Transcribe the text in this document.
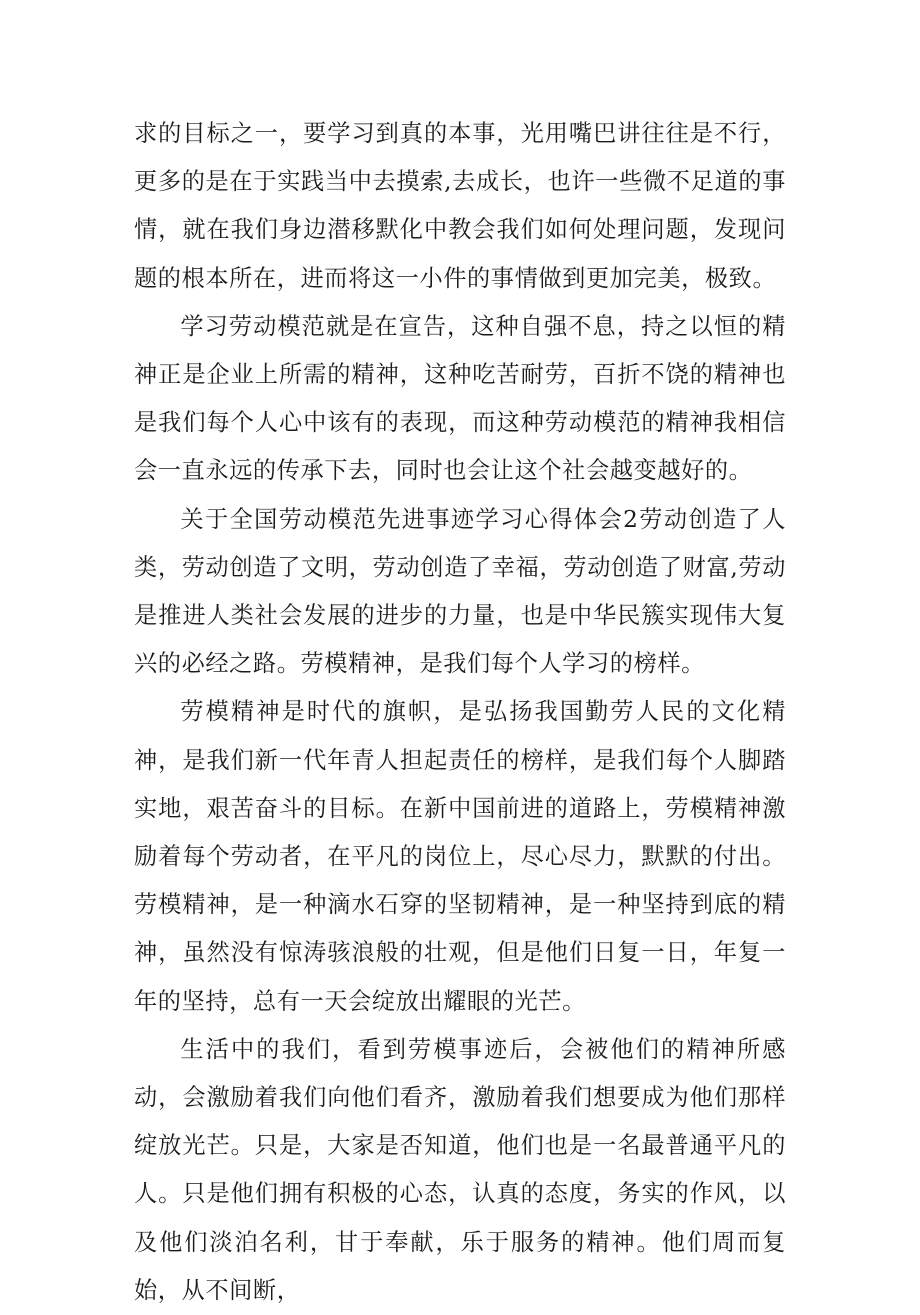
求的目标之一，要学习到真的本事，光用嘴巴讲往往是不行，更多的是在于实践当中去摸索,去成长，也许一些微不足道的事情，就在我们身边潜移默化中教会我们如何处理问题，发现问题的根本所在，进而将这一小件的事情做到更加完美，极致。

学习劳动模范就是在宣告，这种自强不息，持之以恒的精神正是企业上所需的精神，这种吃苦耐劳，百折不饶的精神也是我们每个人心中该有的表现，而这种劳动模范的精神我相信会一直永远的传承下去，同时也会让这个社会越变越好的。

关于全国劳动模范先进事迹学习心得体会2劳动创造了人类，劳动创造了文明，劳动创造了幸福，劳动创造了财富,劳动是推进人类社会发展的进步的力量，也是中华民簇实现伟大复兴的必经之路。劳模精神，是我们每个人学习的榜样。

劳模精神是时代的旗帜，是弘扬我国勤劳人民的文化精神，是我们新一代年青人担起责任的榜样，是我们每个人脚踏实地，艰苦奋斗的目标。在新中国前进的道路上，劳模精神激励着每个劳动者，在平凡的岗位上，尽心尽力，默默的付出。劳模精神，是一种滴水石穿的坚韧精神，是一种坚持到底的精神，虽然没有惊涛骇浪般的壮观，但是他们日复一日，年复一年的坚持，总有一天会绽放出耀眼的光芒。

生活中的我们，看到劳模事迹后，会被他们的精神所感动，会激励着我们向他们看齐，激励着我们想要成为他们那样绽放光芒。只是，大家是否知道，他们也是一名最普通平凡的人。只是他们拥有积极的心态，认真的态度，务实的作风，以及他们淡泊名利，甘于奉献，乐于服务的精神。他们周而复始，从不间断，
